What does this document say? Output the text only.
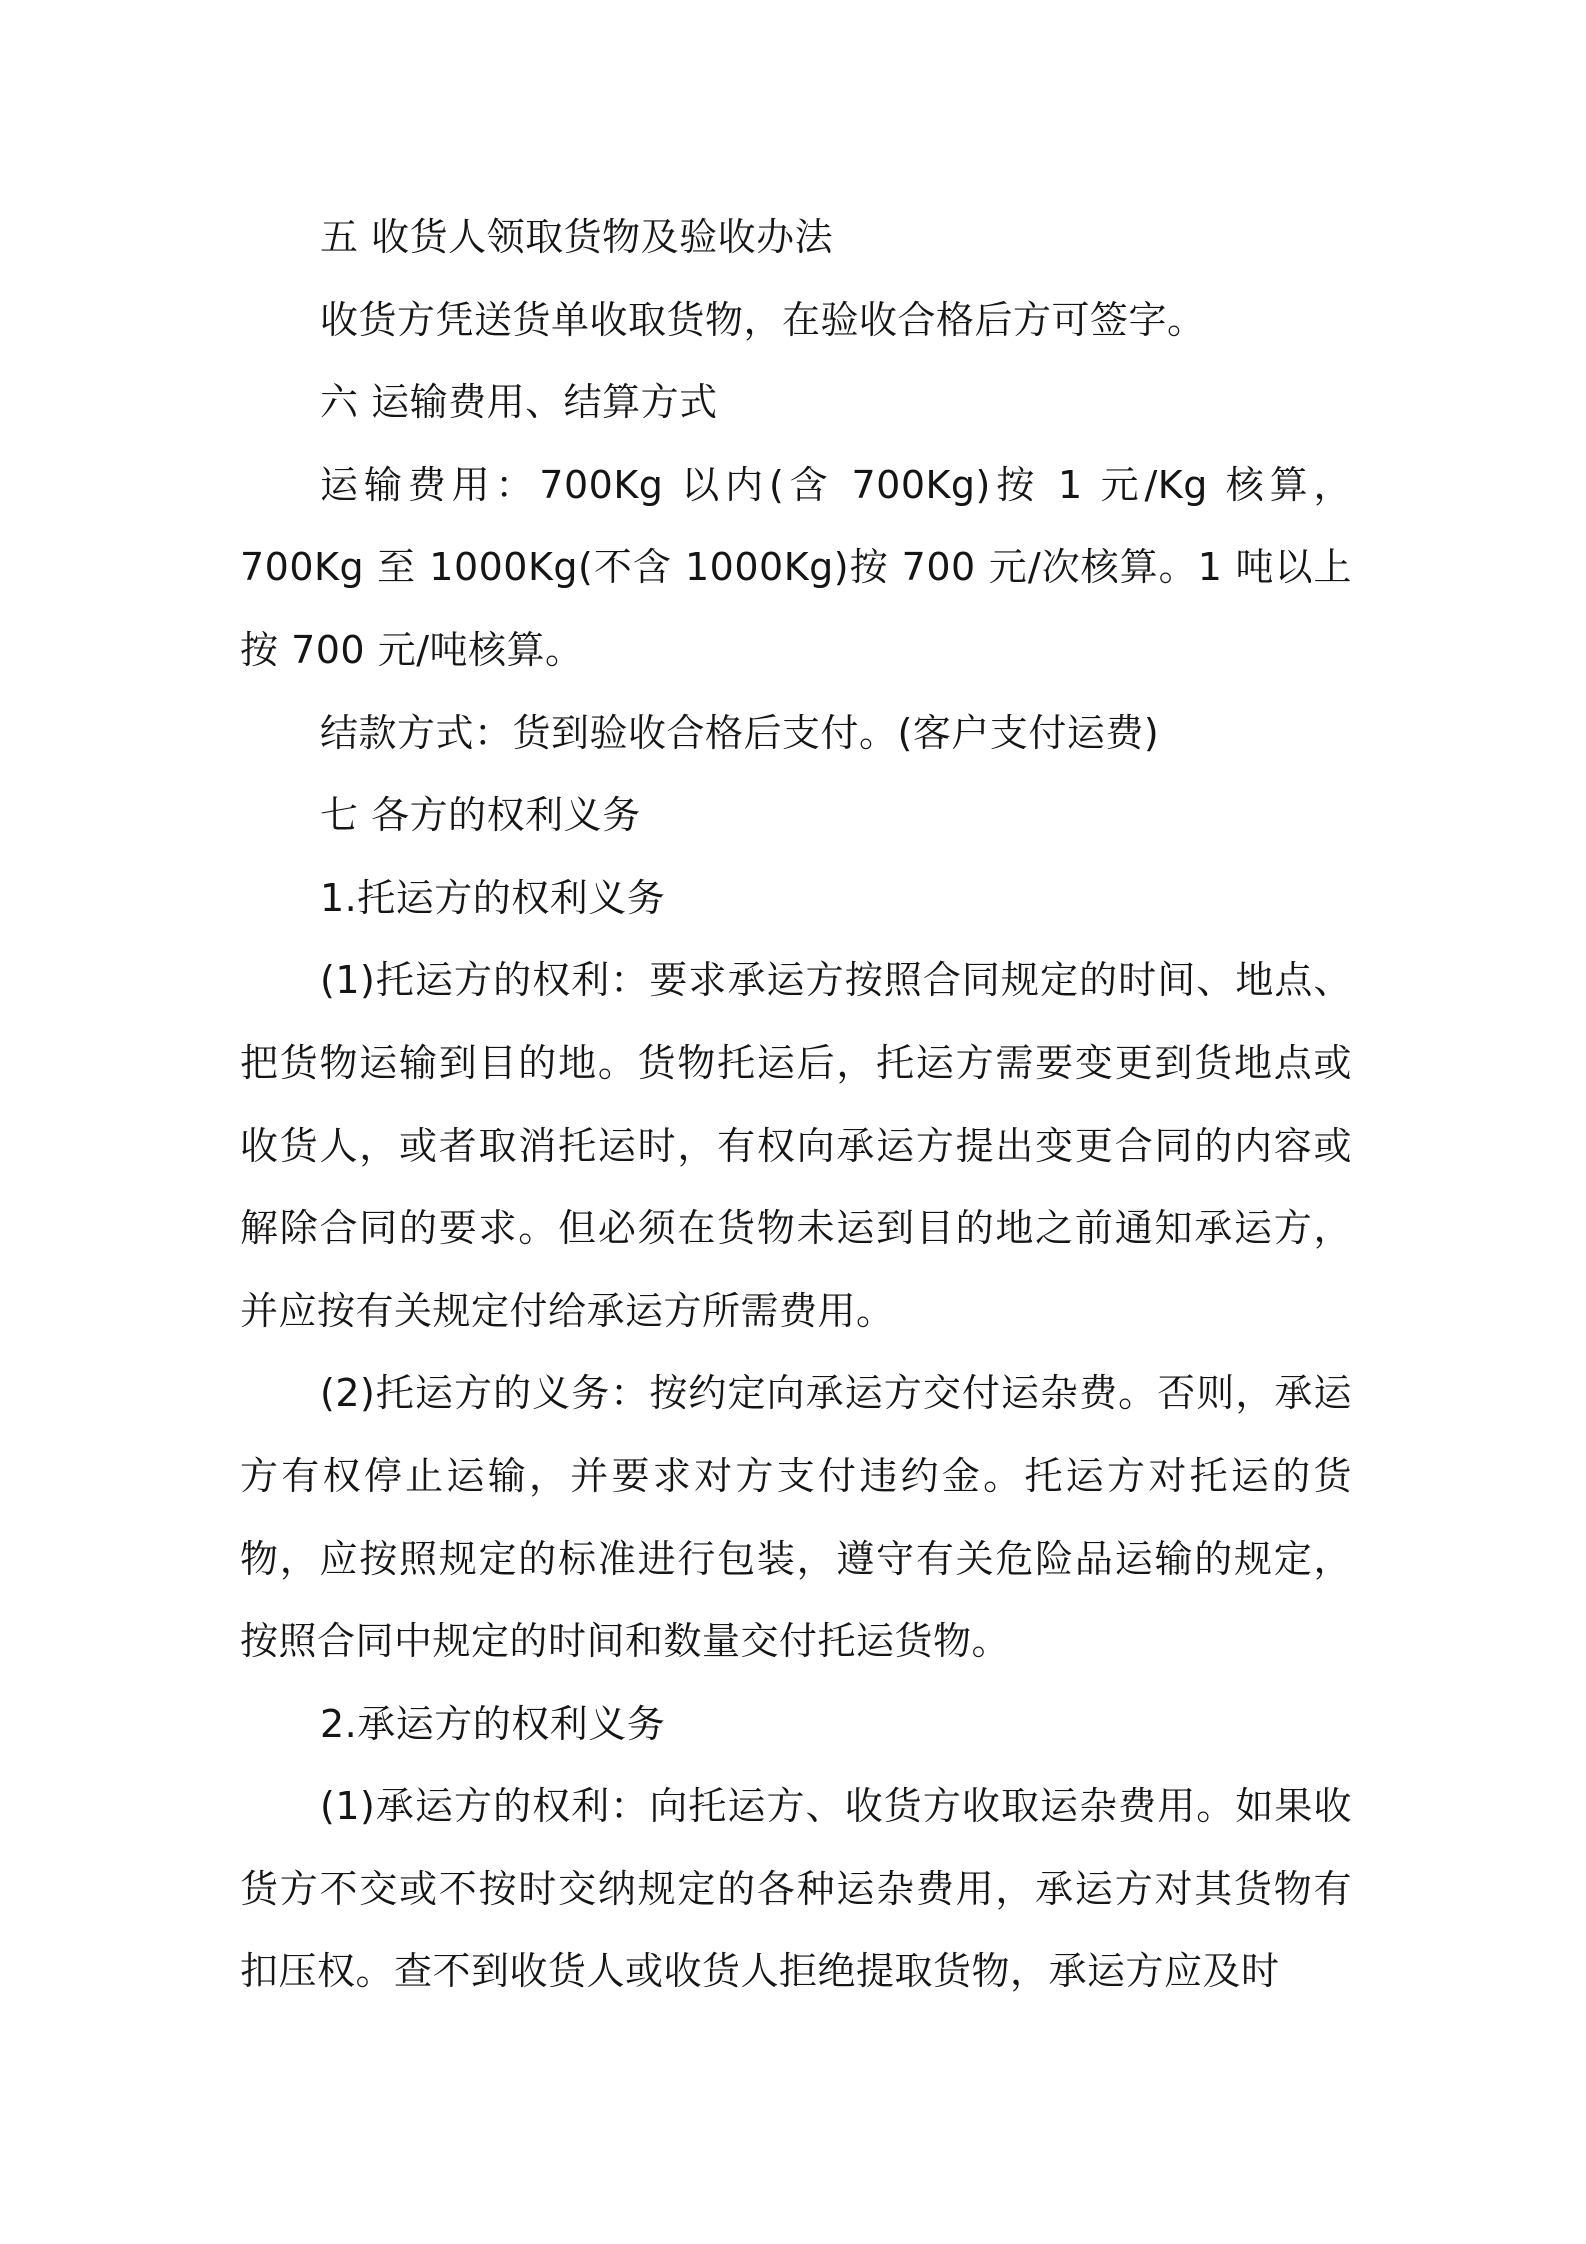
五 收货人领取货物及验收办法

收货方凭送货单收取货物，在验收合格后方可签字。

六 运输费用、结算方式

运输费用：700Kg 以内(含 700Kg)按 1 元/Kg 核算，700Kg 至 1000Kg(不含 1000Kg)按 700 元/次核算。1 吨以上按 700 元/吨核算。

结款方式：货到验收合格后支付。(客户支付运费)

七 各方的权利义务

1.托运方的权利义务

(1)托运方的权利：要求承运方按照合同规定的时间、地点、把货物运输到目的地。货物托运后，托运方需要变更到货地点或收货人，或者取消托运时，有权向承运方提出变更合同的内容或解除合同的要求。但必须在货物未运到目的地之前通知承运方，并应按有关规定付给承运方所需费用。

(2)托运方的义务：按约定向承运方交付运杂费。否则，承运方有权停止运输，并要求对方支付违约金。托运方对托运的货物，应按照规定的标准进行包装，遵守有关危险品运输的规定，按照合同中规定的时间和数量交付托运货物。

2.承运方的权利义务

(1)承运方的权利：向托运方、收货方收取运杂费用。如果收货方不交或不按时交纳规定的各种运杂费用，承运方对其货物有扣压权。查不到收货人或收货人拒绝提取货物，承运方应及时
